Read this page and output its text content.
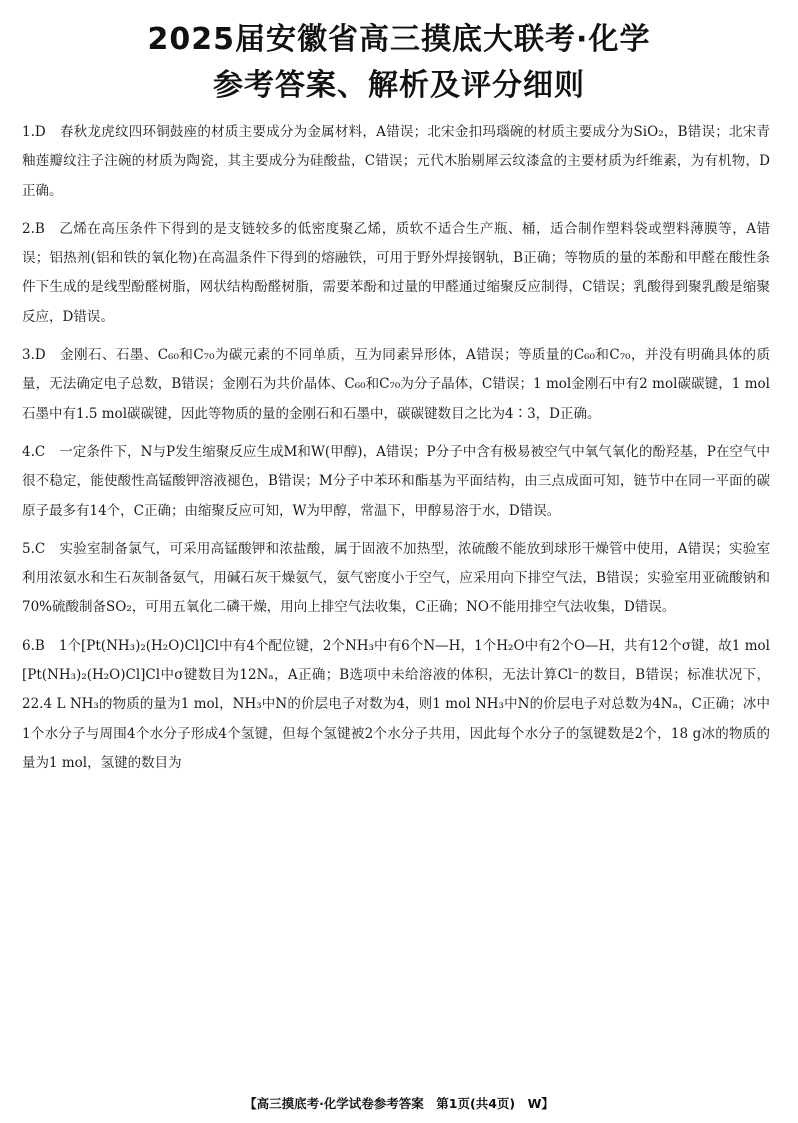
2025届安徽省高三摸底大联考·化学
参考答案、解析及评分细则

1.D 春秋龙虎纹四环铜鼓座的材质主要成分为金属材料，A错误；北宋金扣玛瑙碗的材质主要成分为SiO₂，B错误；北宋青釉莲瓣纹注子注碗的材质为陶瓷，其主要成分为硅酸盐，C错误；元代木胎剔犀云纹漆盒的主要材质为纤维素，为有机物，D正确。

2.B 乙烯在高压条件下得到的是支链较多的低密度聚乙烯，质软不适合生产瓶、桶，适合制作塑料袋或塑料薄膜等，A错误；铝热剂(铝和铁的氧化物)在高温条件下得到的熔融铁，可用于野外焊接钢轨，B正确；等物质的量的苯酚和甲醛在酸性条件下生成的是线型酚醛树脂，网状结构酚醛树脂，需要苯酚和过量的甲醛通过缩聚反应制得，C错误；乳酸得到聚乳酸是缩聚反应，D错误。

3.D 金刚石、石墨、C₆₀和C₇₀为碳元素的不同单质，互为同素异形体，A错误；等质量的C₆₀和C₇₀，并没有明确具体的质量，无法确定电子总数，B错误；金刚石为共价晶体、C₆₀和C₇₀为分子晶体，C错误；1 mol金刚石中有2 mol碳碳键，1 mol石墨中有1.5 mol碳碳键，因此等物质的量的金刚石和石墨中，碳碳键数目之比为4∶3，D正确。

4.C 一定条件下，N与P发生缩聚反应生成M和W(甲醇)，A错误；P分子中含有极易被空气中氧气氧化的酚羟基，P在空气中很不稳定，能使酸性高锰酸钾溶液褪色，B错误；M分子中苯环和酯基为平面结构，由三点成面可知，链节中在同一平面的碳原子最多有14个，C正确；由缩聚反应可知，W为甲醇，常温下，甲醇易溶于水，D错误。

5.C 实验室制备氯气，可采用高锰酸钾和浓盐酸，属于固液不加热型，浓硫酸不能放到球形干燥管中使用，A错误；实验室利用浓氨水和生石灰制备氨气，用碱石灰干燥氨气，氨气密度小于空气，应采用向下排空气法，B错误；实验室用亚硫酸钠和70%硫酸制备SO₂，可用五氧化二磷干燥，用向上排空气法收集，C正确；NO不能用排空气法收集，D错误。

6.B 1个[Pt(NH₃)₂(H₂O)Cl]Cl中有4个配位键，2个NH₃中有6个N—H，1个H₂O中有2个O—H，共有12个σ键，故1 mol [Pt(NH₃)₂(H₂O)Cl]Cl中σ键数目为12Nₐ，A正确；B选项中未给溶液的体积，无法计算Cl⁻的数目，B错误；标准状况下，22.4 L NH₃的物质的量为1 mol，NH₃中N的价层电子对数为4，则1 mol NH₃中N的价层电子对总数为4Nₐ，C正确；冰中1个水分子与周围4个水分子形成4个氢键，但每个氢键被2个水分子共用，因此每个水分子的氢键数是2个，18 g冰的物质的量为1 mol，氢键的数目为

【高三摸底考·化学试卷参考答案　第1页(共4页)　W】
